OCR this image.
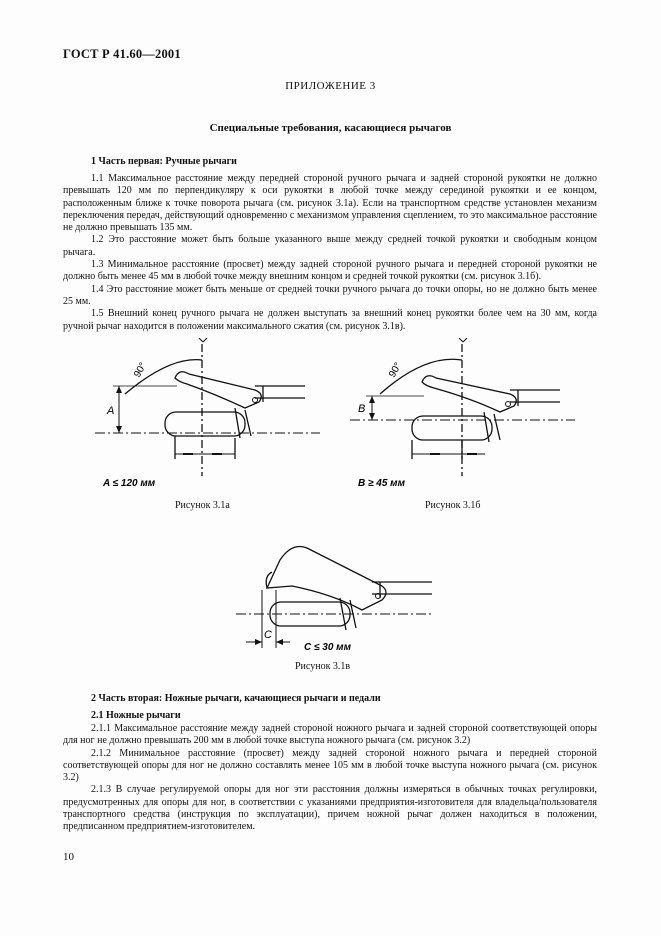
ГОСТ Р 41.60—2001
ПРИЛОЖЕНИЕ 3
Специальные требования, касающиеся рычагов
1 Часть первая: Ручные рычаги

1.1 Максимальное расстояние между передней стороной ручного рычага и задней стороной рукоятки не должно превышать 120 мм по перпендикуляру к оси рукоятки в любой точке между серединой рукоятки и ее концом, расположенным ближе к точке поворота рычага (см. рисунок 3.1а). Если на транспортном средстве установлен механизм переключения передач, действующий одновременно с механизмом управления сцеплением, то это максимальное расстояние не должно превышать 135 мм.

1.2 Это расстояние может быть больше указанного выше между средней точкой рукоятки и свободным концом рычага.

1.3 Минимальное расстояние (просвет) между задней стороной ручного рычага и передней стороной рукоятки не должно быть менее 45 мм в любой точке между внешним концом и средней точкой рукоятки (см. рисунок 3.1б).

1.4 Это расстояние может быть меньше от средней точки ручного рычага до точки опоры, но не должно быть менее 25 мм.

1.5 Внешний конец ручного рычага не должен выступать за внешний конец рукоятки более чем на 30 мм, когда ручной рычаг находится в положении максимального сжатия (см. рисунок 3.1в).

A
90°
A ≤ 120 мм
Рисунок 3.1а
B
90°
B ≥ 45 мм
Рисунок 3.1б
C
C ≤ 30 мм
Рисунок 3.1в
2 Часть вторая: Ножные рычаги, качающиеся рычаги и педали
2.1 Ножные рычаги

2.1.1 Максимальное расстояние между задней стороной ножного рычага и задней стороной соответствующей опоры для ног не должно превышать 200 мм в любой точке выступа ножного рычага (см. рисунок 3.2)

2.1.2 Минимальное расстояние (просвет) между задней стороной ножного рычага и передней стороной соответствующей опоры для ног не должно составлять менее 105 мм в любой точке выступа ножного рычага (см. рисунок 3.2)

2.1.3 В случае регулируемой опоры для ног эти расстояния должны измеряться в обычных точках регулировки, предусмотренных для опоры для ног, в соответствии с указаниями предприятия-изготовителя для владельца/пользователя транспортного средства (инструкция по эксплуатации), причем ножной рычаг должен находиться в положении, предписанном предприятием-изготовителем.

10
